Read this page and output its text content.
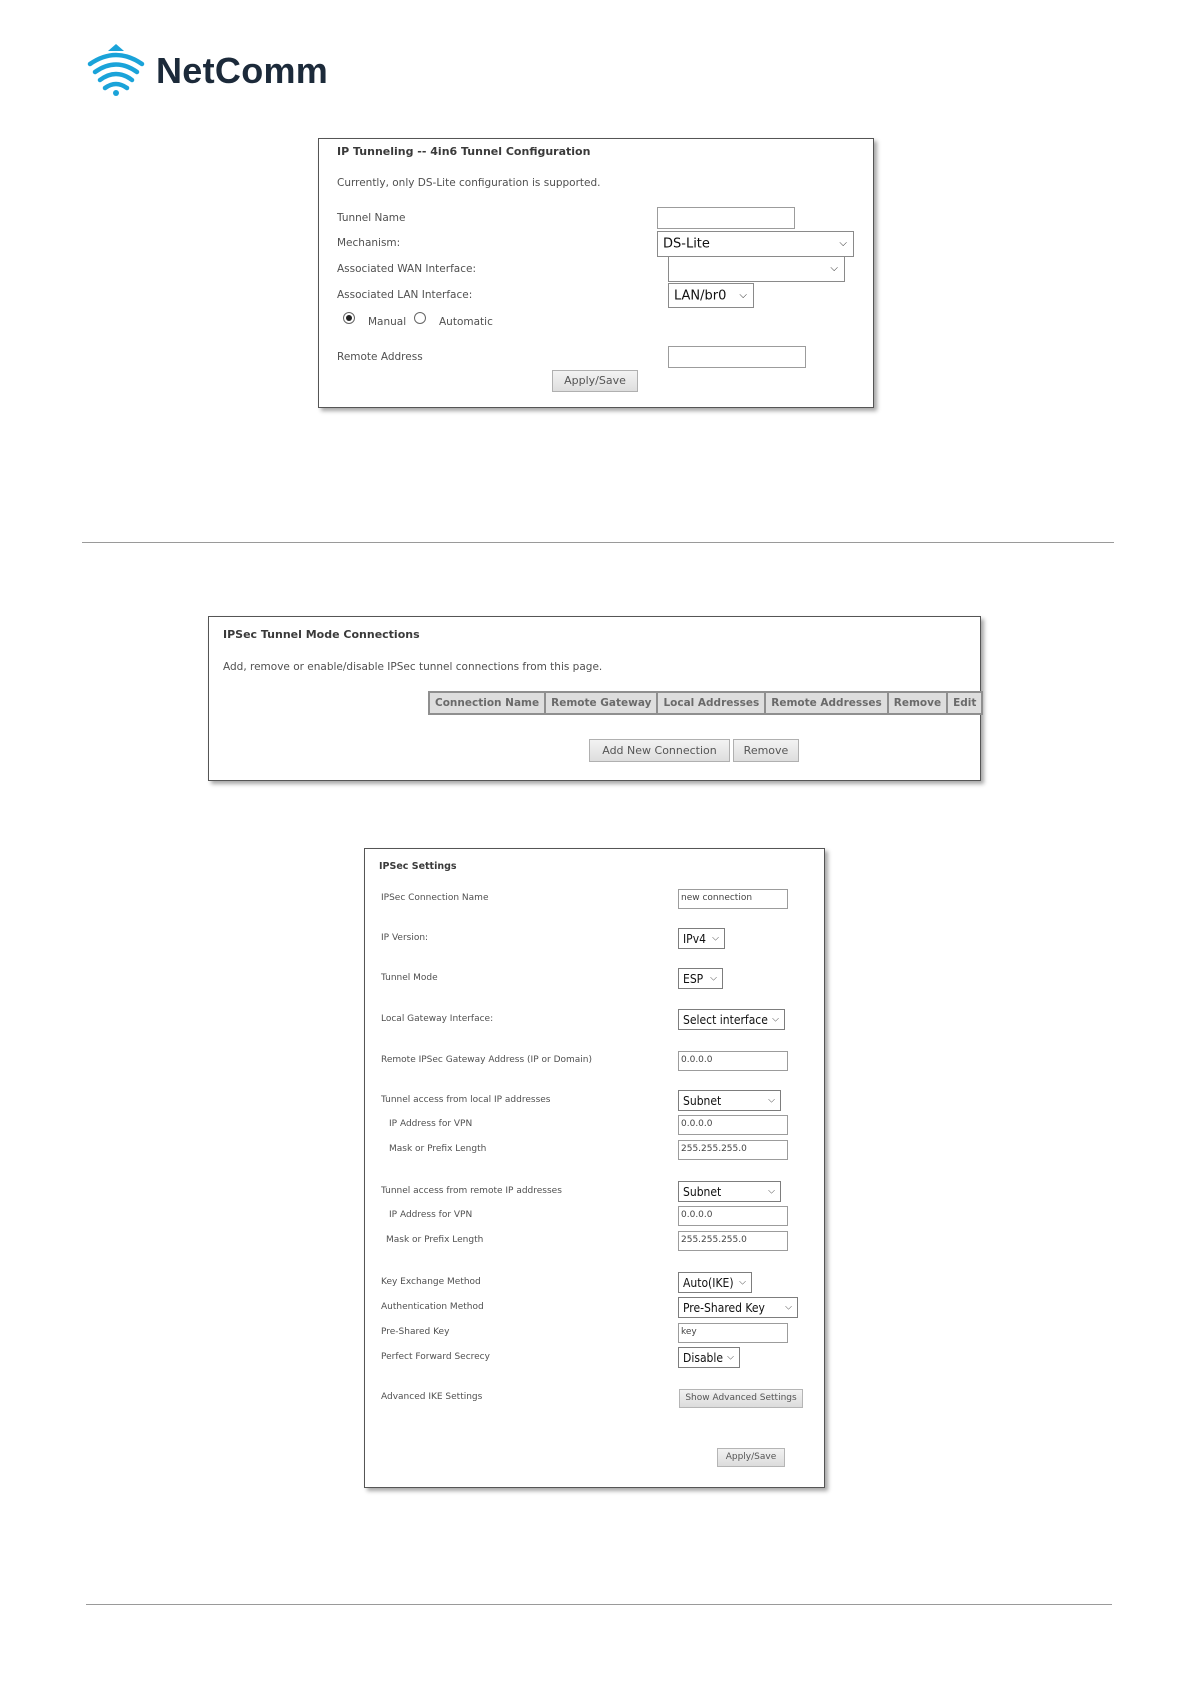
NetComm
IP Tunneling -- 4in6 Tunnel Configuration
Currently, only DS-Lite configuration is supported.
Tunnel Name
Mechanism:	DS-Lite	⌵
Associated WAN Interface:	⌵
Associated LAN Interface:	LAN/br0 ⌵
Manual	Automatic
Remote Address
Apply/Save
IPSec Tunnel Mode Connections
Add, remove or enable/disable IPSec tunnel connections from this page.
Connection Name	Remote Gateway	Local Addresses	Remote Addresses	Remove	Edit
Add New Connection	Remove
IPSec Settings
IPSec Connection Name	new connection
IP Version:	IPv4 ⌵
Tunnel Mode	ESP ⌵
Local Gateway Interface:	Select interface ⌵
Remote IPSec Gateway Address (IP or Domain)	0.0.0.0
Tunnel access from local IP addresses	Subnet	⌵
IP Address for VPN	0.0.0.0
Mask or Prefix Length	255.255.255.0
Tunnel access from remote IP addresses	Subnet	⌵
IP Address for VPN	0.0.0.0
Mask or Prefix Length	255.255.255.0
Key Exchange Method	Auto(IKE) ⌵
Authentication Method	Pre-Shared Key ⌵
Pre-Shared Key	key
Perfect Forward Secrecy	Disable ⌵
Advanced IKE Settings	Show Advanced Settings
Apply/Save
